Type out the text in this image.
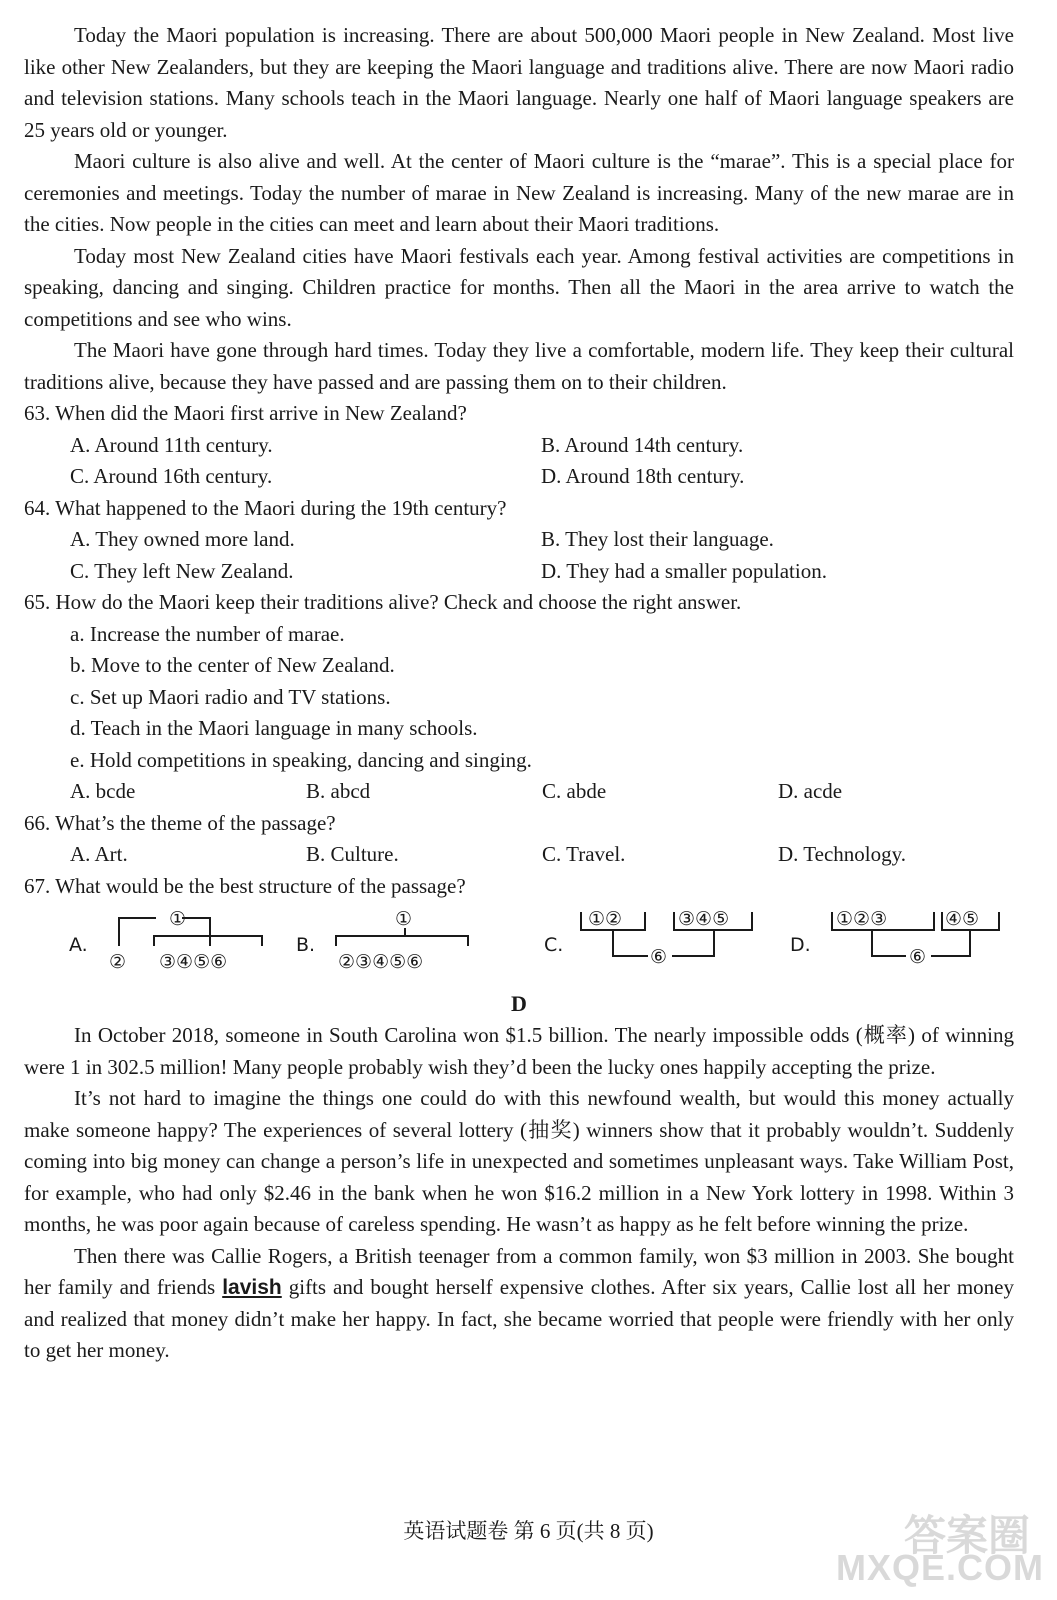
Today the Maori population is increasing. There are about 500,000 Maori people in New Zealand. Most live like other New Zealanders, but they are keeping the Maori language and traditions alive. There are now Maori radio and television stations. Many schools teach in the Maori language. Nearly one half of Maori language speakers are 25 years old or younger.

Maori culture is also alive and well. At the center of Maori culture is the “marae”. This is a special place for ceremonies and meetings. Today the number of marae in New Zealand is increasing. Many of the new marae are in the cities. Now people in the cities can meet and learn about their Maori traditions.

Today most New Zealand cities have Maori festivals each year. Among festival activities are competitions in speaking, dancing and singing. Children practice for months. Then all the Maori in the area arrive to watch the competitions and see who wins.

The Maori have gone through hard times. Today they live a comfortable, modern life. They keep their cultural traditions alive, because they have passed and are passing them on to their children.

63. When did the Maori first arrive in New Zealand?
A. Around 11th century.	B. Around 14th century.
C. Around 16th century.	D. Around 18th century.
64. What happened to the Maori during the 19th century?
A. They owned more land.	B. They lost their language.
C. They left New Zealand.	D. They had a smaller population.
65. How do the Maori keep their traditions alive? Check and choose the right answer.
a. Increase the number of marae.
b. Move to the center of New Zealand.
c. Set up Maori radio and TV stations.
d. Teach in the Maori language in many schools.
e. Hold competitions in speaking, dancing and singing.
A. bcde	B. abcd	C. abde	D. acde
66. What’s the theme of the passage?
A. Art.	B. Culture.	C. Travel.	D. Technology.
67. What would be the best structure of the passage?
A.
①
② ③④⑤⑥
B.
①
②③④⑤⑥
C.
①②	③④⑤
⑥
D.
①②③	④⑤
⑥
D

In October 2018, someone in South Carolina won $1.5 billion. The nearly impossible odds (概率) of winning were 1 in 302.5 million! Many people probably wish they’d been the lucky ones happily accepting the prize.

It’s not hard to imagine the things one could do with this newfound wealth, but would this money actually make someone happy? The experiences of several lottery (抽奖) winners show that it probably wouldn’t. Suddenly coming into big money can change a person’s life in unexpected and sometimes unpleasant ways. Take William Post, for example, who had only $2.46 in the bank when he won $16.2 million in a New York lottery in 1998. Within 3 months, he was poor again because of careless spending. He wasn’t as happy as he felt before winning the prize.

Then there was Callie Rogers, a British teenager from a common family, won $3 million in 2003. She bought her family and friends lavish gifts and bought herself expensive clothes. After six years, Callie lost all her money and realized that money didn’t make her happy. In fact, she became worried that people were friendly with her only to get her money.

英语试题卷 第 6 页(共 8 页)	答案圈
MXQE.COM
